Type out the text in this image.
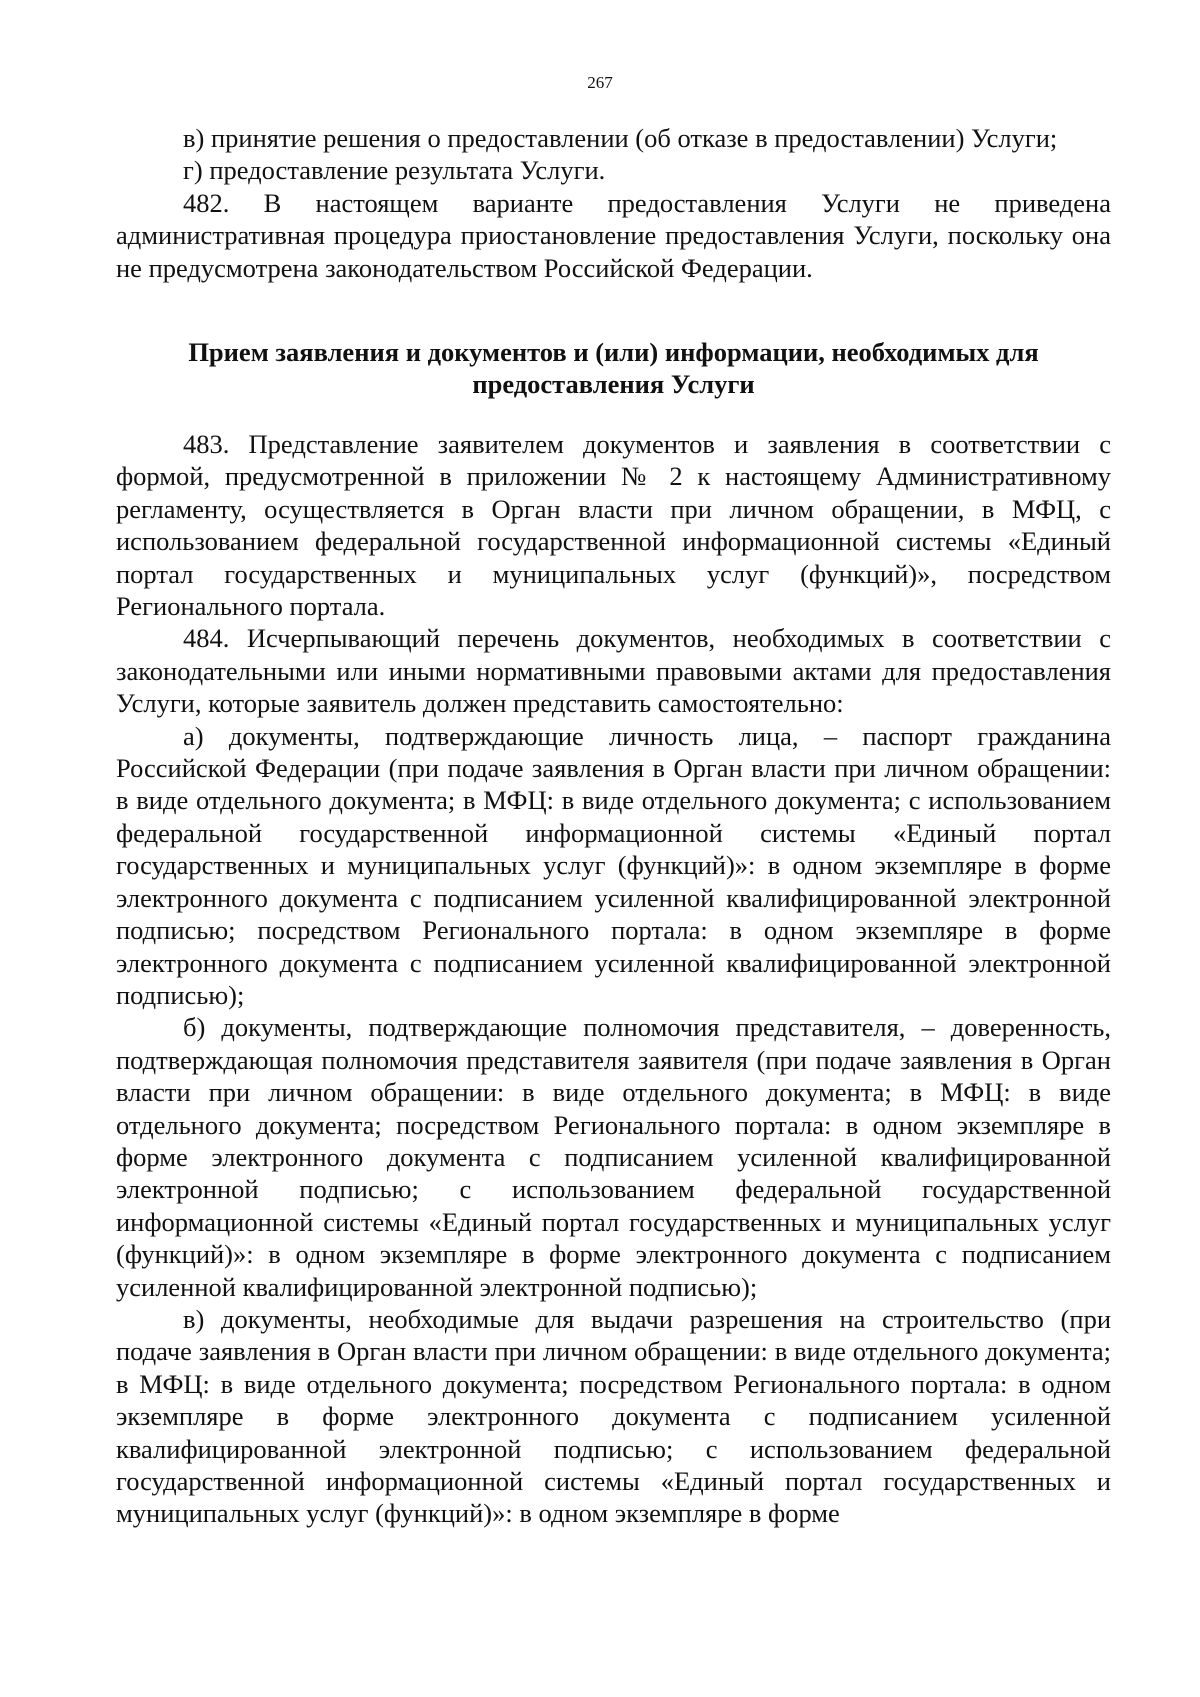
267

в) принятие решения о предоставлении (об отказе в предоставлении) Услуги;

г) предоставление результата Услуги.

482. В настоящем варианте предоставления Услуги не приведена административная процедура приостановление предоставления Услуги, поскольку она не предусмотрена законодательством Российской Федерации.

Прием заявления и документов и (или) информации, необходимых для
предоставления Услуги

483. Представление заявителем документов и заявления в соответствии с формой, предусмотренной в приложении № 2 к настоящему Административному регламенту, осуществляется в Орган власти при личном обращении, в МФЦ, с использованием федеральной государственной информационной системы «Единый портал государственных и муниципальных услуг (функций)», посредством Регионального портала.

484. Исчерпывающий перечень документов, необходимых в соответствии с законодательными или иными нормативными правовыми актами для предоставления Услуги, которые заявитель должен представить самостоятельно:

а) документы, подтверждающие личность лица, – паспорт гражданина Российской Федерации (при подаче заявления в Орган власти при личном обращении: в виде отдельного документа; в МФЦ: в виде отдельного документа; с использованием федеральной государственной информационной системы «Единый портал государственных и муниципальных услуг (функций)»: в одном экземпляре в форме электронного документа с подписанием усиленной квалифицированной электронной подписью; посредством Регионального портала: в одном экземпляре в форме электронного документа с подписанием усиленной квалифицированной электронной подписью);

б) документы, подтверждающие полномочия представителя, – доверенность, подтверждающая полномочия представителя заявителя (при подаче заявления в Орган власти при личном обращении: в виде отдельного документа; в МФЦ: в виде отдельного документа; посредством Регионального портала: в одном экземпляре в форме электронного документа с подписанием усиленной квалифицированной электронной подписью; с использованием федеральной государственной информационной системы «Единый портал государственных и муниципальных услуг (функций)»: в одном экземпляре в форме электронного документа с подписанием усиленной квалифицированной электронной подписью);

в) документы, необходимые для выдачи разрешения на строительство (при подаче заявления в Орган власти при личном обращении: в виде отдельного документа; в МФЦ: в виде отдельного документа; посредством Регионального портала: в одном экземпляре в форме электронного документа с подписанием усиленной квалифицированной электронной подписью; с использованием федеральной государственной информационной системы «Единый портал государственных и муниципальных услуг (функций)»: в одном экземпляре в форме
